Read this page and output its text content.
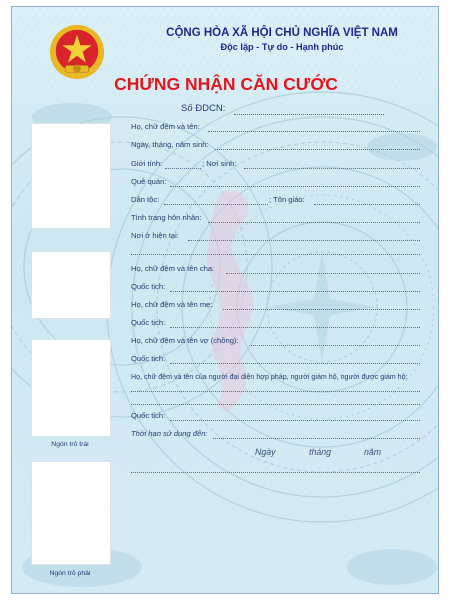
CỘNG HÒA XÃ HỘI CHỦ NGHĨA VIỆT NAM
Độc lập - Tự do - Hạnh phúc
CHỨNG NHẬN CĂN CƯỚC
Số ĐDCN:
Ngón trỏ trái
Ngón trỏ phải
Họ, chữ đệm và tên:
Ngày, tháng, năm sinh:
Giới tính:	; Nơi sinh:
Quê quán:
Dân tộc:	; Tôn giáo:
Tình trạng hôn nhân:
Nơi ở hiện tại:
Họ, chữ đệm và tên cha:
Quốc tịch:
Họ, chữ đệm và tên mẹ:
Quốc tịch:
Họ, chữ đệm và tên vợ (chồng):
Quốc tịch:
Họ, chữ đệm và tên của người đại diện hợp pháp, người giám hộ, người được giám hộ:
Quốc tịch:
Thời hạn sử dụng đến:
Ngày	tháng	năm
